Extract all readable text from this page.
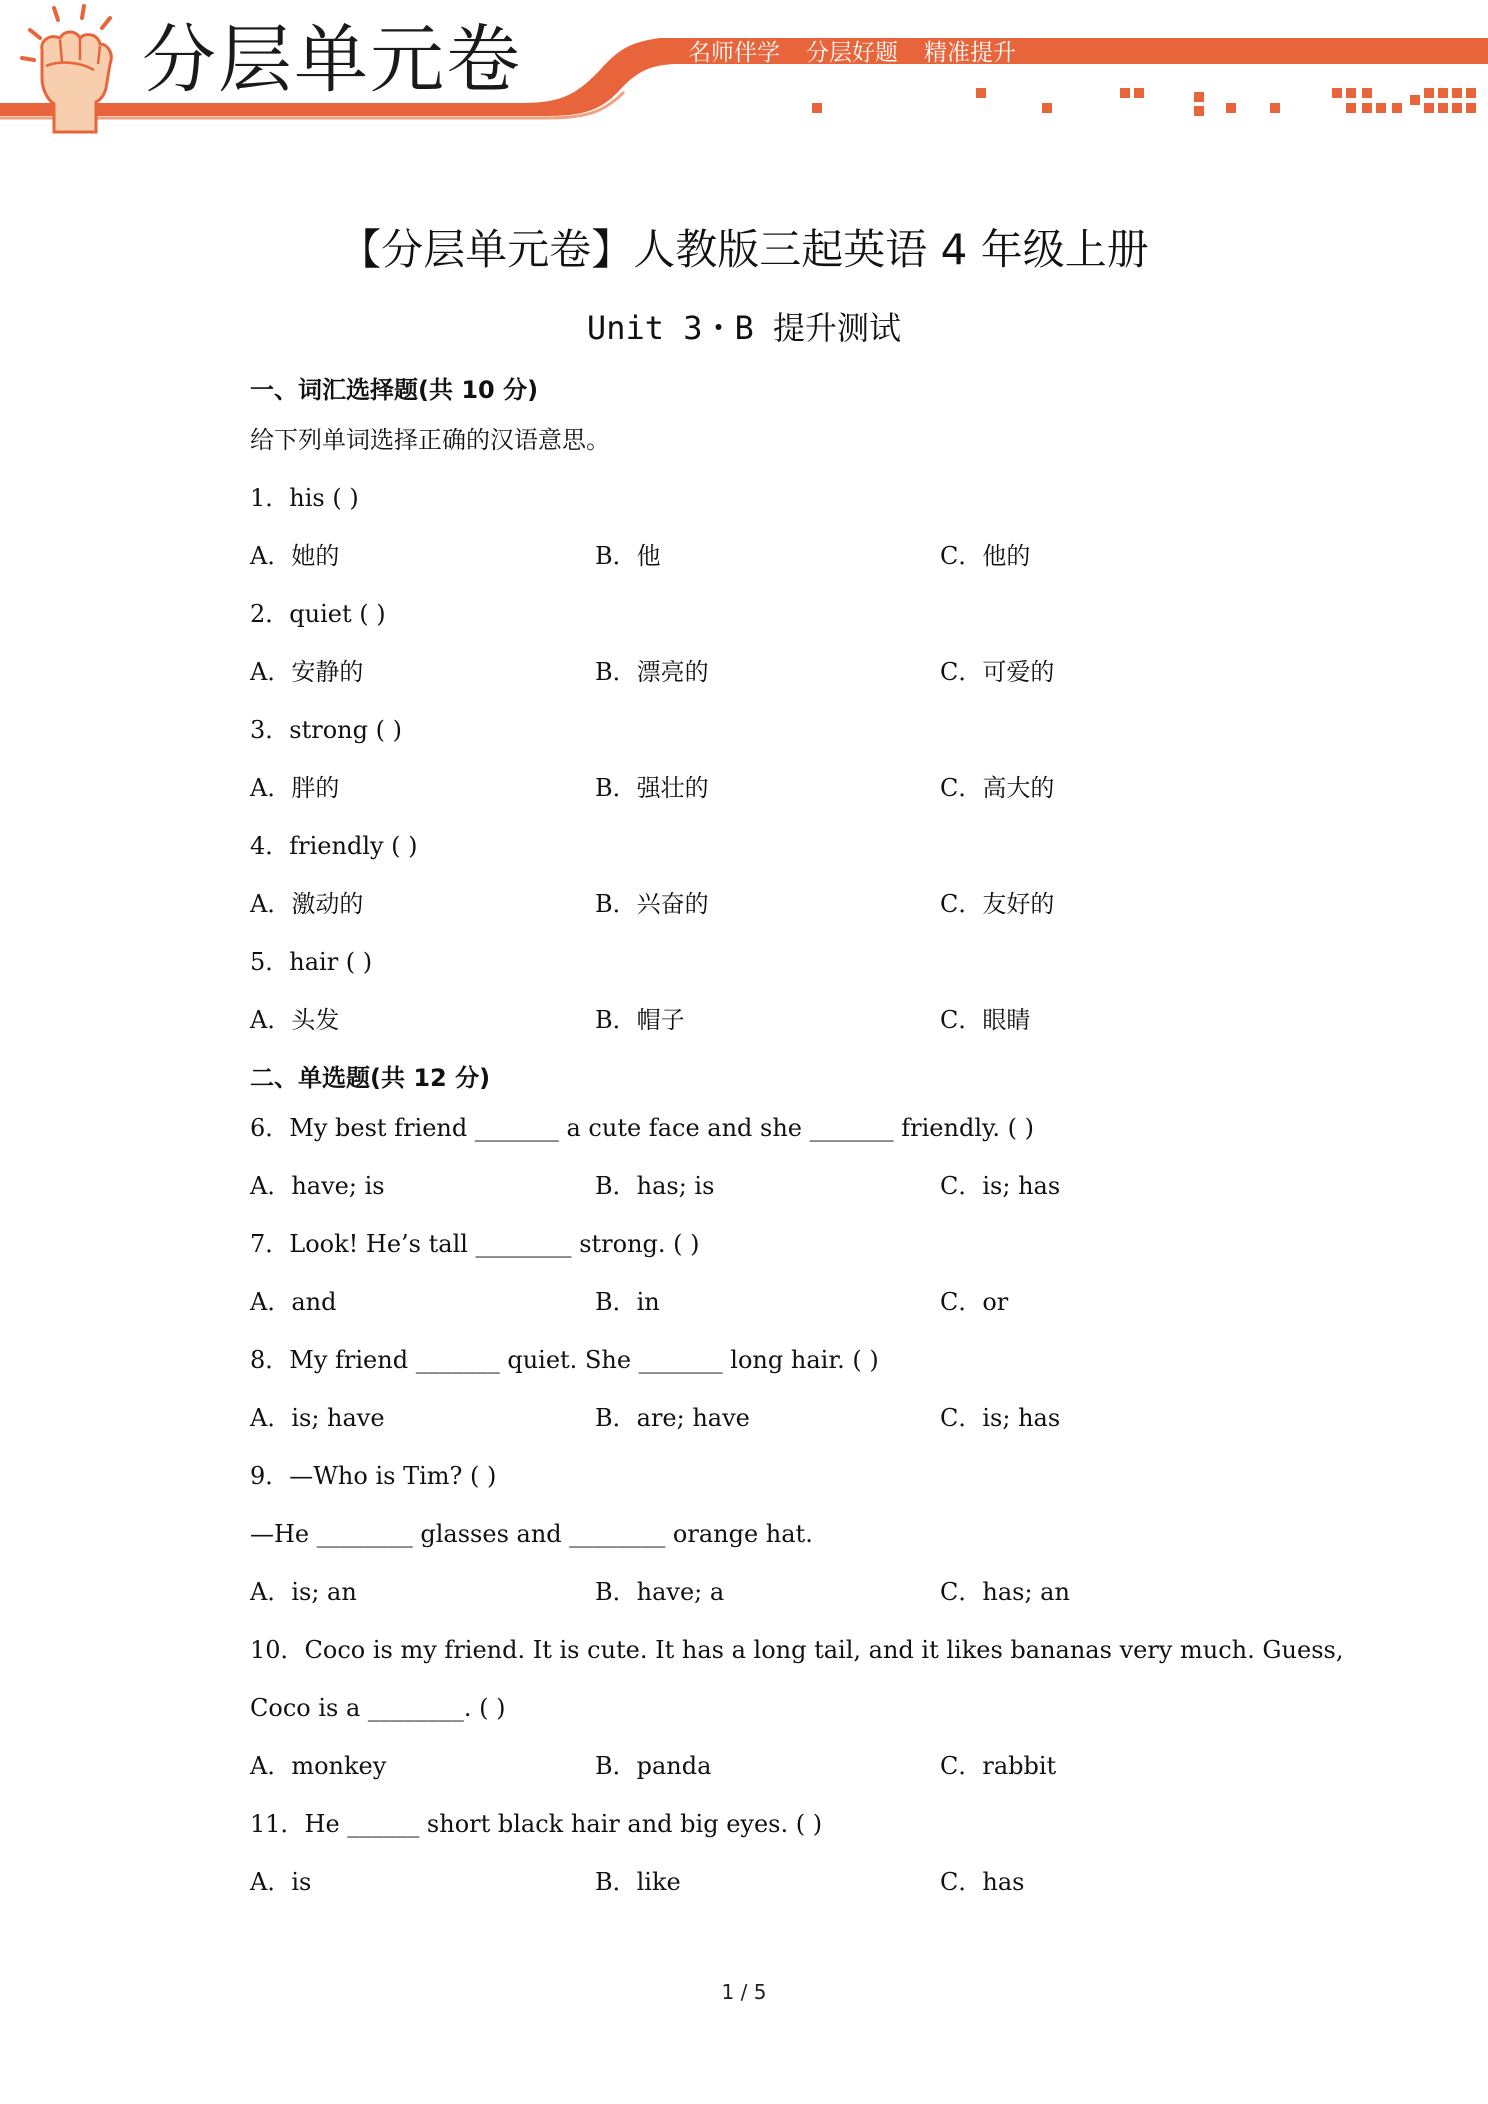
分层单元卷	名师伴学 分层好题 精准提升
【分层单元卷】人教版三起英语 4 年级上册
Unit 3・B 提升测试
一、词汇选择题(共 10 分)
给下列单词选择正确的汉语意思。
1．his ( )
A．她的	B．他	C．他的
2．quiet ( )
A．安静的	B．漂亮的	C．可爱的
3．strong ( )
A．胖的	B．强壮的	C．高大的
4．friendly ( )
A．激动的	B．兴奋的	C．友好的
5．hair ( )
A．头发	B．帽子	C．眼睛
二、单选题(共 12 分)
6．My best friend _______ a cute face and she _______ friendly. ( )
A．have; is	B．has; is	C．is; has
7．Look! He’s tall ________ strong. ( )
A．and	B．in	C．or
8．My friend _______ quiet. She _______ long hair. ( )
A．is; have	B．are; have	C．is; has
9．—Who is Tim? ( )
—He ________ glasses and ________ orange hat.
A．is; an	B．have; a	C．has; an
10．Coco is my friend. It is cute. It has a long tail, and it likes bananas very much. Guess,
Coco is a ________. ( )
A．monkey	B．panda	C．rabbit
11．He ______ short black hair and big eyes. ( )
A．is	B．like	C．has
1 / 5
